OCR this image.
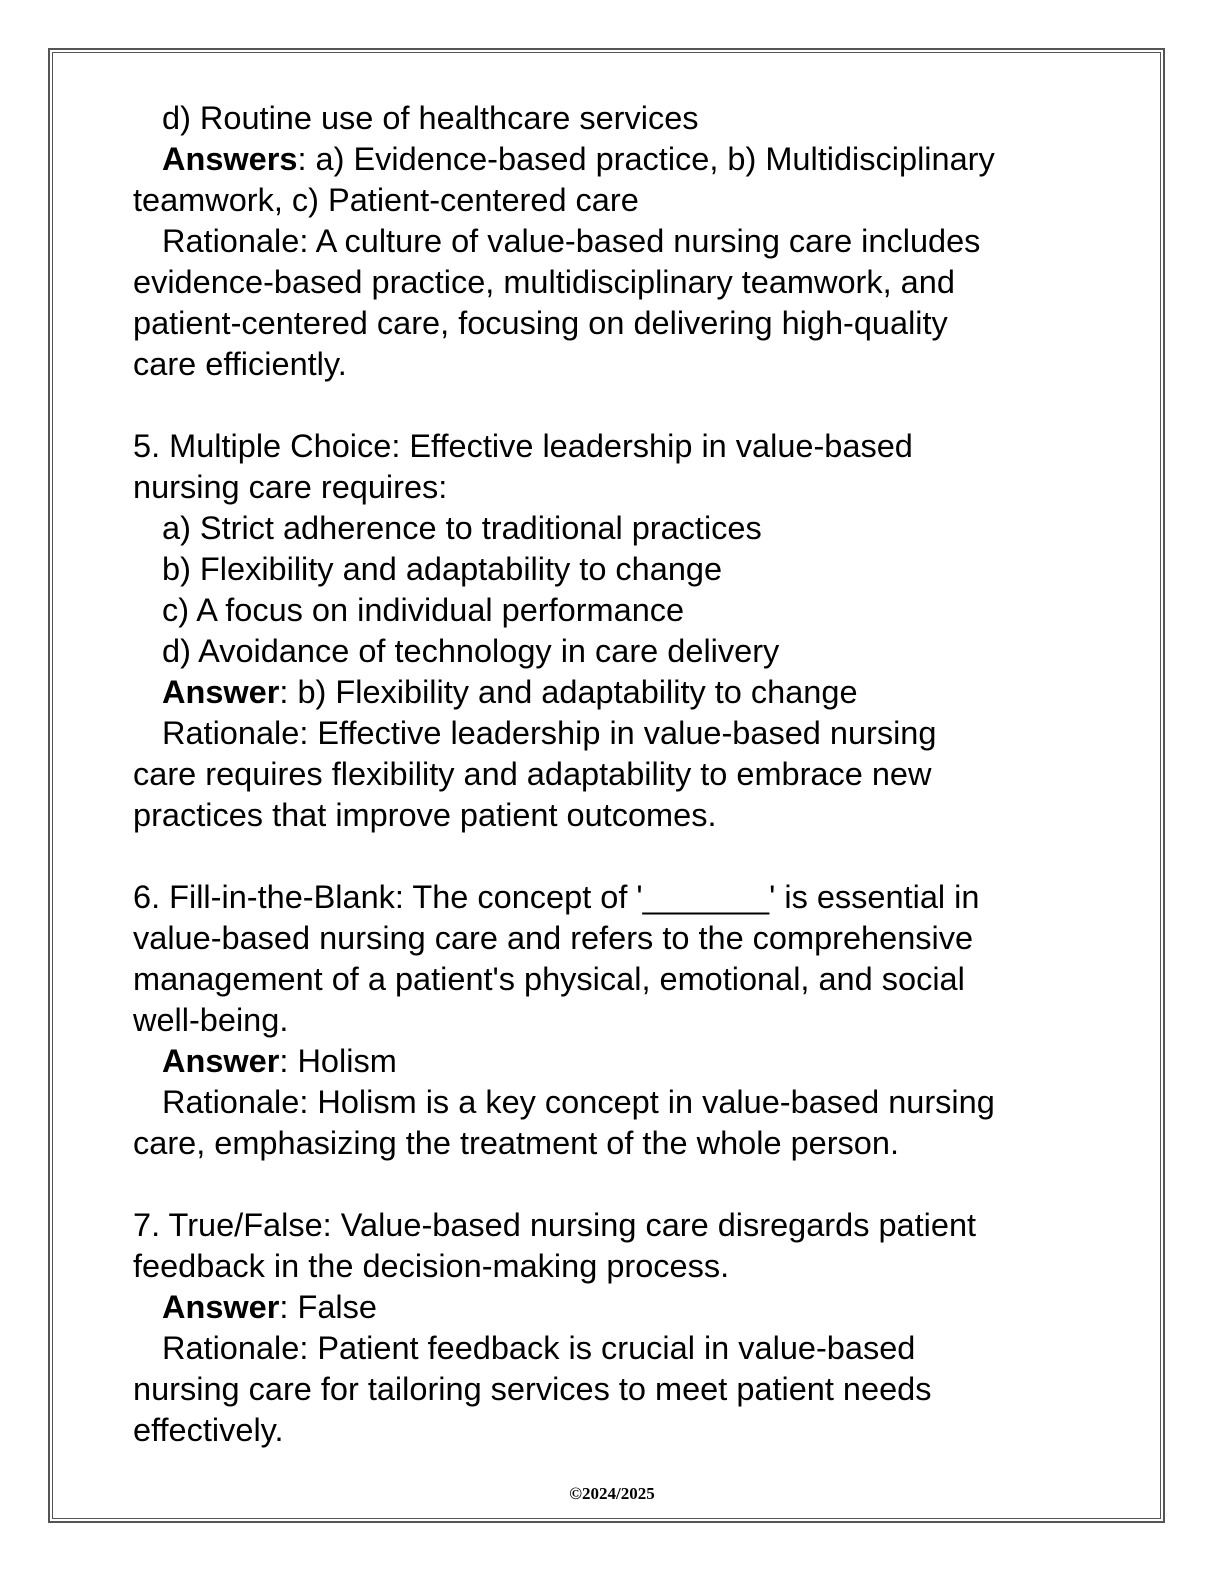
d) Routine use of healthcare services
Answers: a) Evidence-based practice, b) Multidisciplinary
teamwork, c) Patient-centered care
Rationale: A culture of value-based nursing care includes
evidence-based practice, multidisciplinary teamwork, and
patient-centered care, focusing on delivering high-quality
care efficiently.
5. Multiple Choice: Effective leadership in value-based
nursing care requires:
a) Strict adherence to traditional practices
b) Flexibility and adaptability to change
c) A focus on individual performance
d) Avoidance of technology in care delivery
Answer: b) Flexibility and adaptability to change
Rationale: Effective leadership in value-based nursing
care requires flexibility and adaptability to embrace new
practices that improve patient outcomes.
6. Fill-in-the-Blank: The concept of '_______' is essential in
value-based nursing care and refers to the comprehensive
management of a patient's physical, emotional, and social
well-being.
Answer: Holism
Rationale: Holism is a key concept in value-based nursing
care, emphasizing the treatment of the whole person.
7. True/False: Value-based nursing care disregards patient
feedback in the decision-making process.
Answer: False
Rationale: Patient feedback is crucial in value-based
nursing care for tailoring services to meet patient needs
effectively.
©2024/2025
